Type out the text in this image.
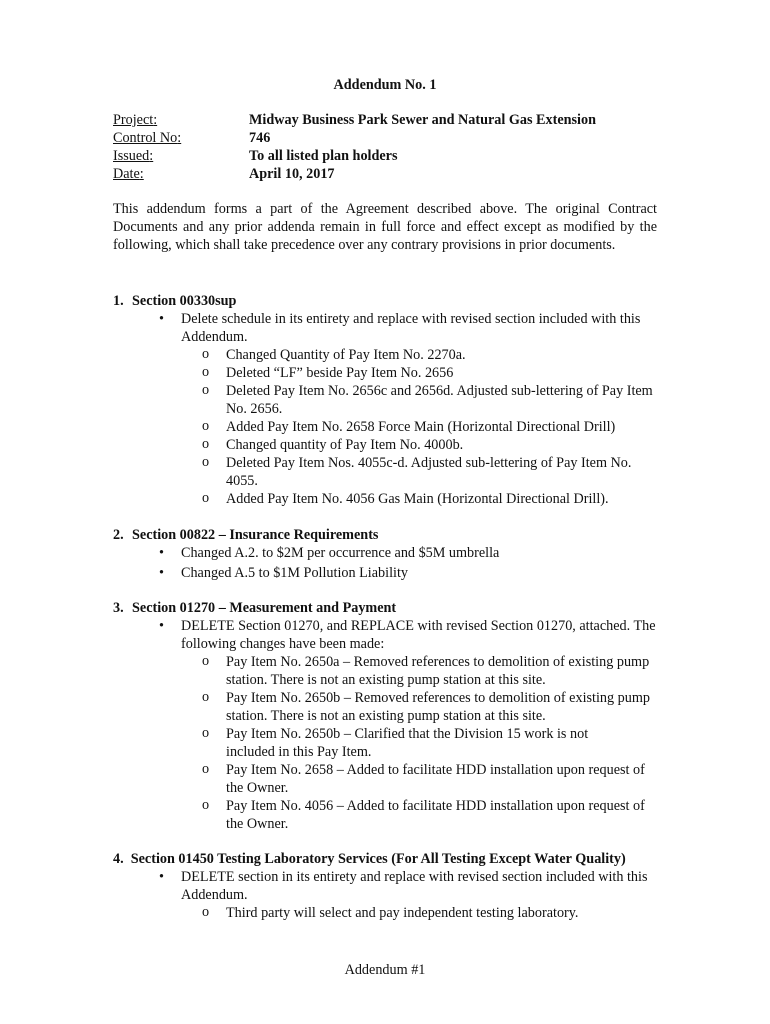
Addendum No. 1
Project:	Midway Business Park Sewer and Natural Gas Extension
Control No:	746
Issued:	To all listed plan holders
Date:	April 10, 2017
This addendum forms a part of the Agreement described above. The original Contract Documents and any prior addenda remain in full force and effect except as modified by the following, which shall take precedence over any contrary provisions in prior documents.
1. Section 00330sup
• Delete schedule in its entirety and replace with revised section included with this Addendum.
o Changed Quantity of Pay Item No. 2270a.
o Deleted “LF” beside Pay Item No. 2656
o Deleted Pay Item No. 2656c and 2656d. Adjusted sub-lettering of Pay Item No. 2656.
o Added Pay Item No. 2658 Force Main (Horizontal Directional Drill)
o Changed quantity of Pay Item No. 4000b.
o Deleted Pay Item Nos. 4055c-d. Adjusted sub-lettering of Pay Item No. 4055.
o Added Pay Item No. 4056 Gas Main (Horizontal Directional Drill).
2. Section 00822 – Insurance Requirements
• Changed A.2. to $2M per occurrence and $5M umbrella
• Changed A.5 to $1M Pollution Liability
3. Section 01270 – Measurement and Payment
• DELETE Section 01270, and REPLACE with revised Section 01270, attached. The following changes have been made:
o Pay Item No. 2650a – Removed references to demolition of existing pump station. There is not an existing pump station at this site.
o Pay Item No. 2650b – Removed references to demolition of existing pump station. There is not an existing pump station at this site.
o Pay Item No. 2650b – Clarified that the Division 15 work is not included in this Pay Item.
o Pay Item No. 2658 – Added to facilitate HDD installation upon request of the Owner.
o Pay Item No. 4056 – Added to facilitate HDD installation upon request of the Owner.
4. Section 01450 Testing Laboratory Services (For All Testing Except Water Quality)
• DELETE section in its entirety and replace with revised section included with this Addendum.
o Third party will select and pay independent testing laboratory.
Addendum #1
